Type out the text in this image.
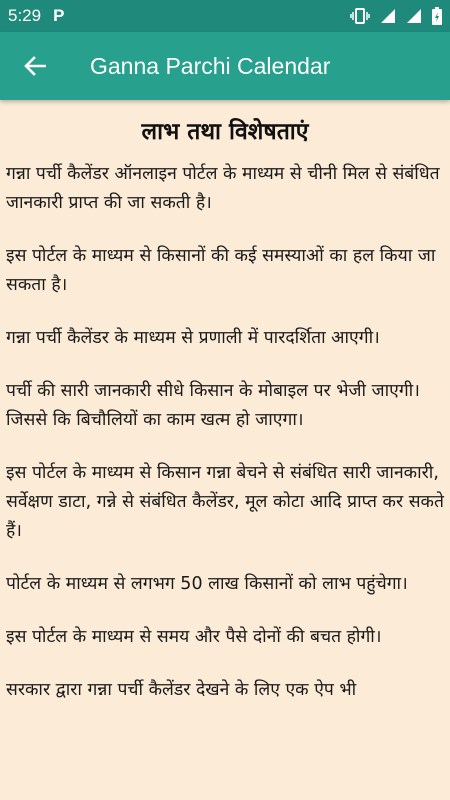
5:29 P
Ganna Parchi Calendar
लाभ तथा विशेषताएं

गन्ना पर्ची कैलेंडर ऑनलाइन पोर्टल के माध्यम से चीनी मिल से संबंधित जानकारी प्राप्त की जा सकती है।

इस पोर्टल के माध्यम से किसानों की कई समस्याओं का हल किया जा सकता है।

गन्ना पर्ची कैलेंडर के माध्यम से प्रणाली में पारदर्शिता आएगी।

पर्ची की सारी जानकारी सीधे किसान के मोबाइल पर भेजी जाएगी। जिससे कि बिचौलियों का काम खत्म हो जाएगा।

इस पोर्टल के माध्यम से किसान गन्ना बेचने से संबंधित सारी जानकारी, सर्वेक्षण डाटा, गन्ने से संबंधित कैलेंडर, मूल कोटा आदि प्राप्त कर सकते हैं।

पोर्टल के माध्यम से लगभग 50 लाख किसानों को लाभ पहुंचेगा।

इस पोर्टल के माध्यम से समय और पैसे दोनों की बचत होगी।

सरकार द्वारा गन्ना पर्ची कैलेंडर देखने के लिए एक ऐप भी
